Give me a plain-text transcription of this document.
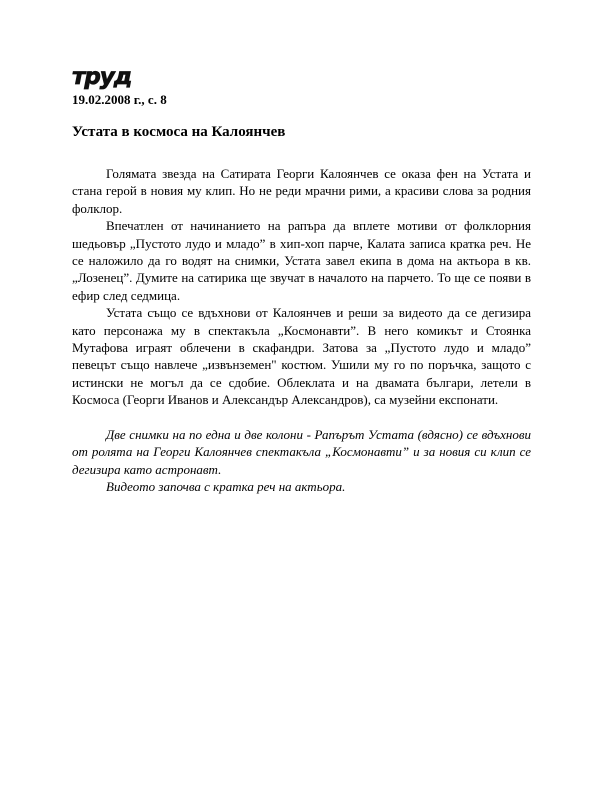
труд
19.02.2008 г., с. 8
Устата в космоса на Калоянчев

Голямата звезда на Сатирата Георги Калоянчев се оказа фен на Устата и стана герой в новия му клип. Но не реди мрачни рими, а красиви слова за родния фолклор.

Впечатлен от начинанието на рапъра да вплете мотиви от фолклорния шедьовър „Пустото лудо и младо” в хип-хоп парче, Калата записа кратка реч. Не се наложило да го водят на снимки, Устата завел екипа в дома на актьора в кв. „Лозенец”. Думите на сатирика ще звучат в началото на парчето. То ще се появи в ефир след седмица.

Устата също се вдъхнови от Калоянчев и реши за видеото да се дегизира като персонажа му в спектакъла „Космонавти”. В него комикът и Стоянка Мутафова играят облечени в скафандри. Затова за „Пустото лудо и младо” певецът също навлече „извънземен" костюм. Ушили му го по поръчка, защото с истински не могъл да се сдобие. Облеклата и на двамата българи, летели в Космоса (Георги Иванов и Александър Александров), са музейни експонати.

Две снимки на по една и две колони - Рапърът Устата (вдясно) се вдъхнови от ролята на Георги Калоянчев спектакъла „Космонавти” и за новия си клип се дегизира като астронавт.

Видеото започва с кратка реч на актьора.
